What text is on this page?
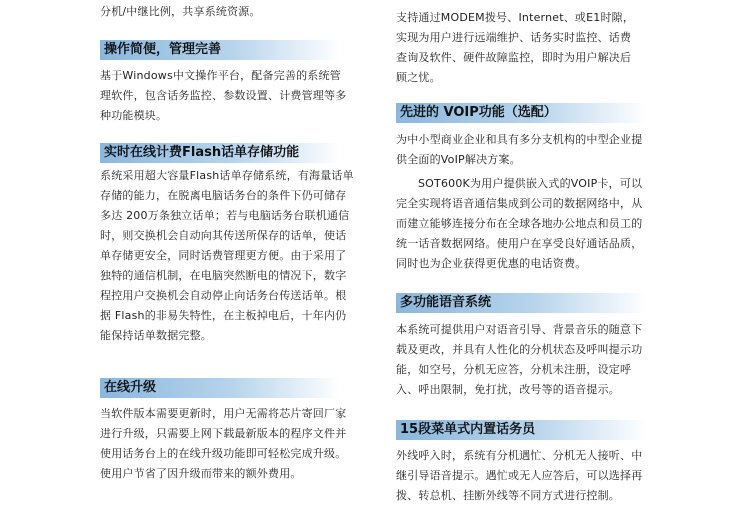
分机/中继比例，共享系统资源。

操作简便，管理完善

基于Windows中文操作平台，配备完善的系统管理软件，包含话务监控、参数设置、计费管理等多种功能模块。

实时在线计费Flash话单存储功能

系统采用超大容量Flash话单存储系统，有海量话单存储的能力，在脱离电脑话务台的条件下仍可储存多达 200万条独立话单；若与电脑话务台联机通信时，则交换机会自动向其传送所保存的话单，使话单存储更安全，同时话费管理更方便。由于采用了独特的通信机制，在电脑突然断电的情况下，数字程控用户交换机会自动停止向话务台传送话单。根据 Flash的非易失特性，在主板掉电后，十年内仍能保持话单数据完整。

在线升级

当软件版本需要更新时，用户无需将芯片寄回厂家进行升级，只需要上网下载最新版本的程序文件并使用话务台上的在线升级功能即可轻松完成升级。使用户节省了因升级而带来的额外费用。

支持通过MODEM拨号、Internet、或E1时隙，实现为用户进行远端维护、话务实时监控、话费查询及软件、硬件故障监控，即时为用户解决后顾之忧。

先进的 VOIP功能（选配）

为中小型商业企业和具有多分支机构的中型企业提供全面的VoIP解决方案。

SOT600K为用户提供嵌入式的VOIP卡，可以完全实现将语音通信集成到公司的数据网络中，从而建立能够连接分布在全球各地办公地点和员工的统一话音数据网络。使用户在享受良好通话品质，同时也为企业获得更优惠的电话资费。

多功能语音系统

本系统可提供用户对语音引导、背景音乐的随意下载及更改，并具有人性化的分机状态及呼叫提示功能，如空号，分机无应答，分机未注册，设定呼入、呼出限制，免打扰，改号等的语音提示。

15段菜单式内置话务员

外线呼入时，系统有分机遇忙、分机无人接听、中继引导语音提示。遇忙或无人应答后，可以选择再拨、转总机、挂断外线等不同方式进行控制。
